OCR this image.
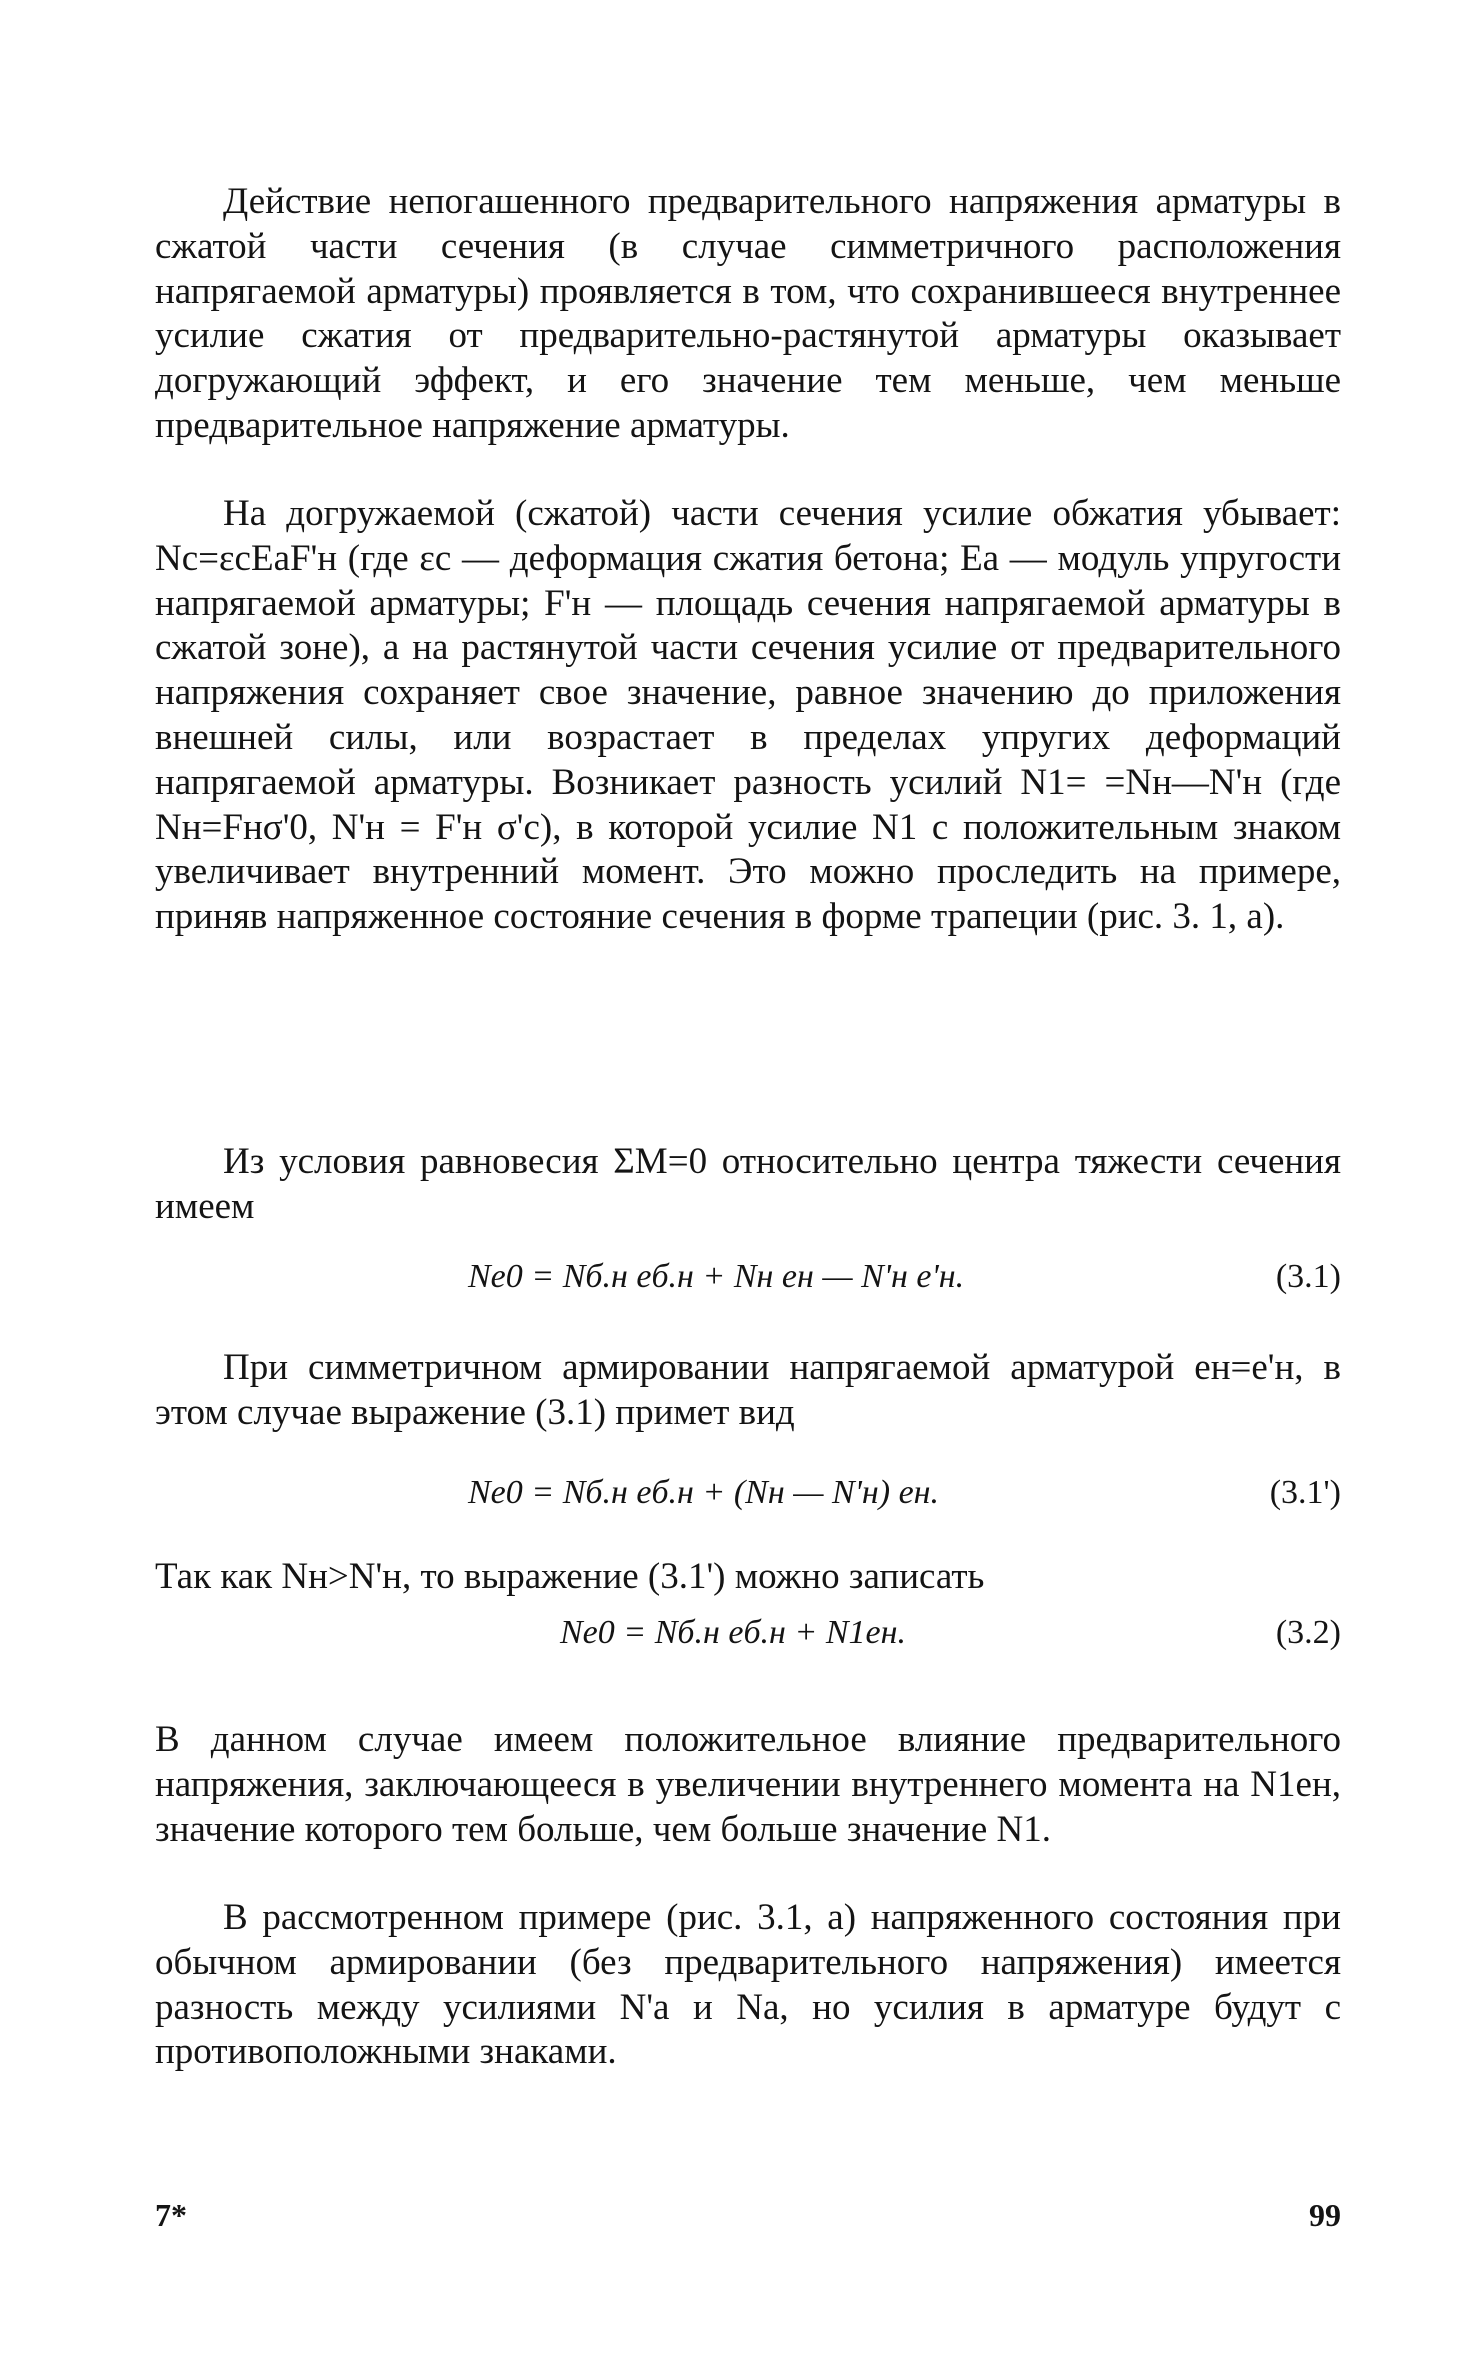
Действие непогашенного предварительного напряжения арматуры в сжатой части сечения (в случае симметричного расположения напрягаемой арматуры) проявляется в том, что сохранившееся внутреннее усилие сжатия от предварительно-растянутой арматуры оказывает догружающий эффект, и его значение тем меньше, чем меньше предварительное напряжение арматуры.

На догружаемой (сжатой) части сечения усилие обжатия убывает: Nc=εcEaF'н (где εc — деформация сжатия бетона; Ea — модуль упругости напрягаемой арматуры; F'н — площадь сечения напрягаемой арматуры в сжатой зоне), а на растянутой части сечения усилие от предварительного напряжения сохраняет свое значение, равное значению до приложения внешней силы, или возрастает в пределах упругих деформаций напрягаемой арматуры. Возникает разность усилий N1= =Nн—N'н (где Nн=Fнσ'0, N'н = F'н σ'c), в которой усилие N1 с положительным знаком увеличивает внутренний момент. Это можно проследить на примере, приняв напряженное состояние сечения в форме трапеции (рис. 3. 1, a).

Из условия равновесия ΣM=0 относительно центра тяжести сечения имеем

Ne0 = Nб.н eб.н + Nн eн — N'н e'н.	(3.1)

При симметричном армировании напрягаемой арматурой eн=e'н, в этом случае выражение (3.1) примет вид

Ne0 = Nб.н eб.н + (Nн — N'н) eн.	(3.1')

Так как Nн>N'н, то выражение (3.1') можно записать

Ne0 = Nб.н eб.н + N1eн.	(3.2)

В данном случае имеем положительное влияние предварительного напряжения, заключающееся в увеличении внутреннего момента на N1eн, значение которого тем больше, чем больше значение N1.

В рассмотренном примере (рис. 3.1, a) напряженного состояния при обычном армировании (без предварительного напряжения) имеется разность между усилиями N'a и Na, но усилия в арматуре будут с противоположными знаками.

7*	99
